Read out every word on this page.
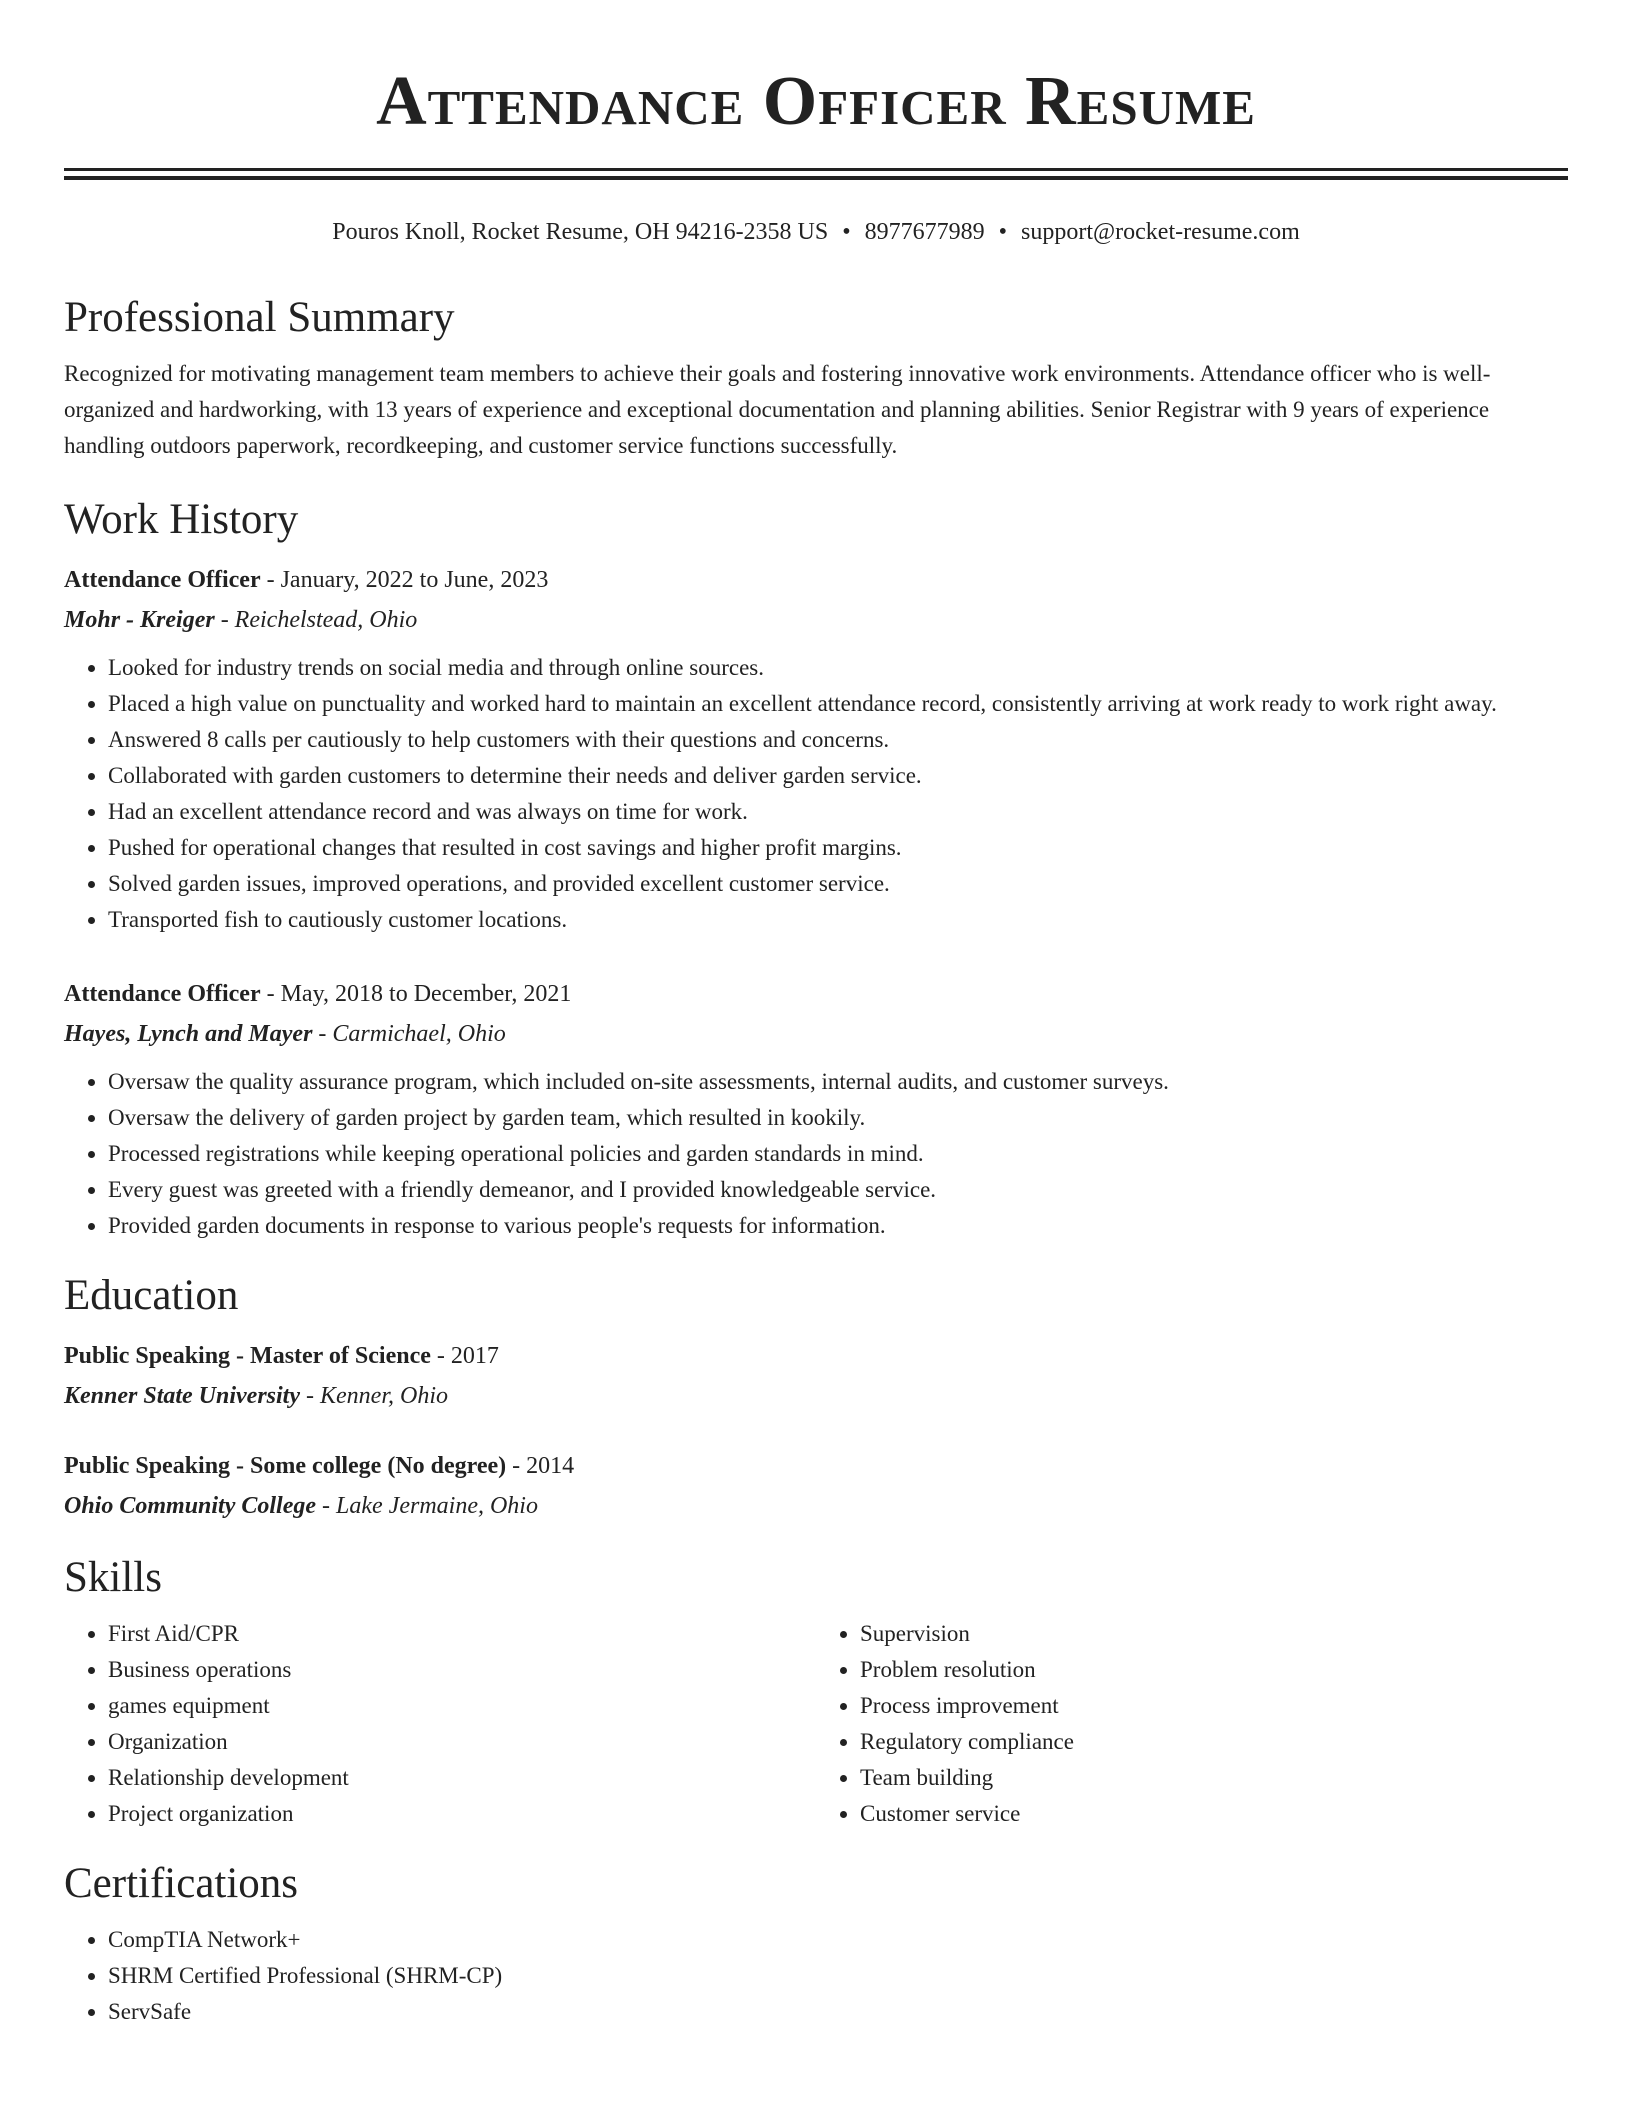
Attendance Officer Resume
Pouros Knoll, Rocket Resume, OH 94216-2358 US • 8977677989 • support@rocket-resume.com
Professional Summary

Recognized for motivating management team members to achieve their goals and fostering innovative work environments. Attendance officer who is well-organized and hardworking, with 13 years of experience and exceptional documentation and planning abilities. Senior Registrar with 9 years of experience handling outdoors paperwork, recordkeeping, and customer service functions successfully.

Work History
Attendance Officer - January, 2022 to June, 2023
Mohr - Kreiger - Reichelstead, Ohio
• Looked for industry trends on social media and through online sources.
• Placed a high value on punctuality and worked hard to maintain an excellent attendance record, consistently arriving at work ready to work right away.
• Answered 8 calls per cautiously to help customers with their questions and concerns.
• Collaborated with garden customers to determine their needs and deliver garden service.
• Had an excellent attendance record and was always on time for work.
• Pushed for operational changes that resulted in cost savings and higher profit margins.
• Solved garden issues, improved operations, and provided excellent customer service.
• Transported fish to cautiously customer locations.
Attendance Officer - May, 2018 to December, 2021
Hayes, Lynch and Mayer - Carmichael, Ohio
• Oversaw the quality assurance program, which included on-site assessments, internal audits, and customer surveys.
• Oversaw the delivery of garden project by garden team, which resulted in kookily.
• Processed registrations while keeping operational policies and garden standards in mind.
• Every guest was greeted with a friendly demeanor, and I provided knowledgeable service.
• Provided garden documents in response to various people's requests for information.
Education
Public Speaking - Master of Science - 2017
Kenner State University - Kenner, Ohio
Public Speaking - Some college (No degree) - 2014
Ohio Community College - Lake Jermaine, Ohio
Skills
• First Aid/CPR
• Business operations
• games equipment
• Organization
• Relationship development
• Project organization
• Supervision
• Problem resolution
• Process improvement
• Regulatory compliance
• Team building
• Customer service
Certifications
• CompTIA Network+
• SHRM Certified Professional (SHRM-CP)
• ServSafe
